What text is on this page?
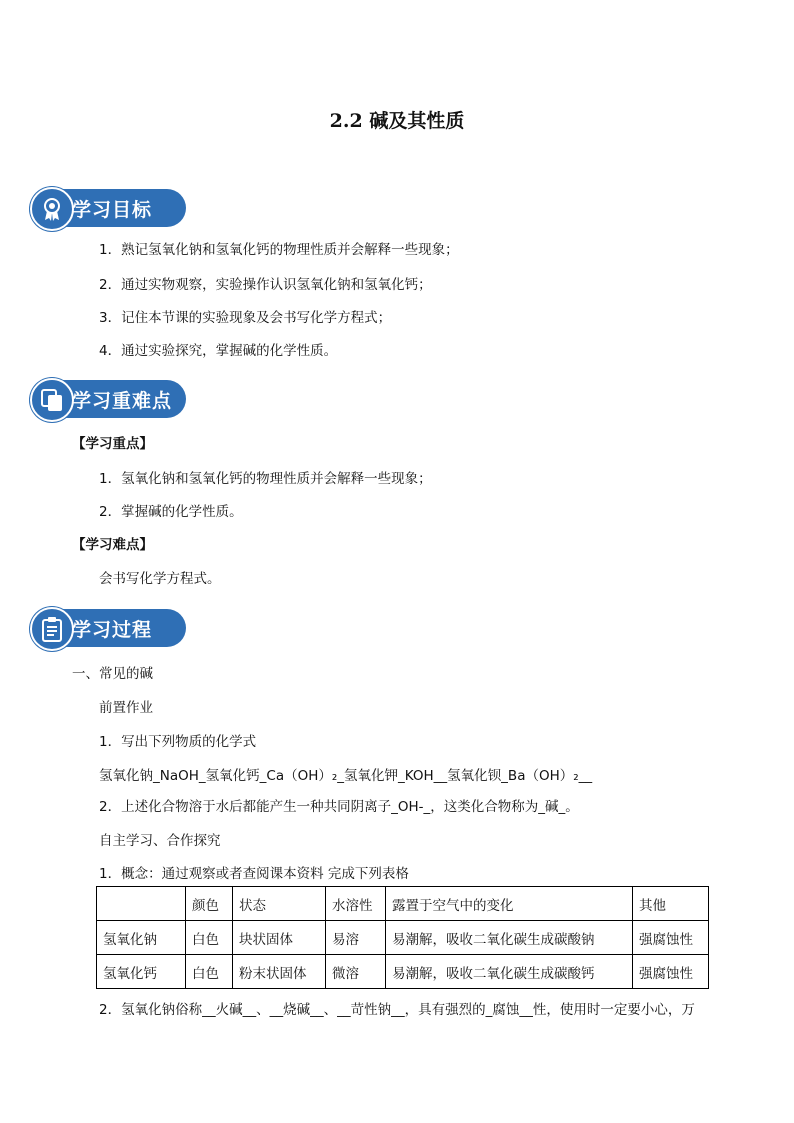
2.2 碱及其性质
学习目标
1．熟记氢氧化钠和氢氧化钙的物理性质并会解释一些现象；
2．通过实物观察，实验操作认识氢氧化钠和氢氧化钙；
3．记住本节课的实验现象及会书写化学方程式；
4．通过实验探究，掌握碱的化学性质。
学习重难点
【学习重点】
1．氢氧化钠和氢氧化钙的物理性质并会解释一些现象；
2．掌握碱的化学性质。
【学习难点】
会书写化学方程式。
学习过程
一、常见的碱
前置作业
1．写出下列物质的化学式
氢氧化钠_NaOH_氢氧化钙_Ca（OH）₂_氢氧化钾_KOH__氢氧化钡_Ba（OH）₂__
2．上述化合物溶于水后都能产生一种共同阴离子_OH-_，这类化合物称为_碱_。
自主学习、合作探究
1．概念：通过观察或者查阅课本资料 完成下列表格
	颜色	状态	水溶性	露置于空气中的变化	其他
氢氧化钠	白色	块状固体	易溶	易潮解，吸收二氧化碳生成碳酸钠	强腐蚀性
氢氧化钙	白色	粉末状固体	微溶	易潮解，吸收二氧化碳生成碳酸钙	强腐蚀性
2．氢氧化钠俗称__火碱__、__烧碱__、__苛性钠__，具有强烈的_腐蚀__性，使用时一定要小心，万
